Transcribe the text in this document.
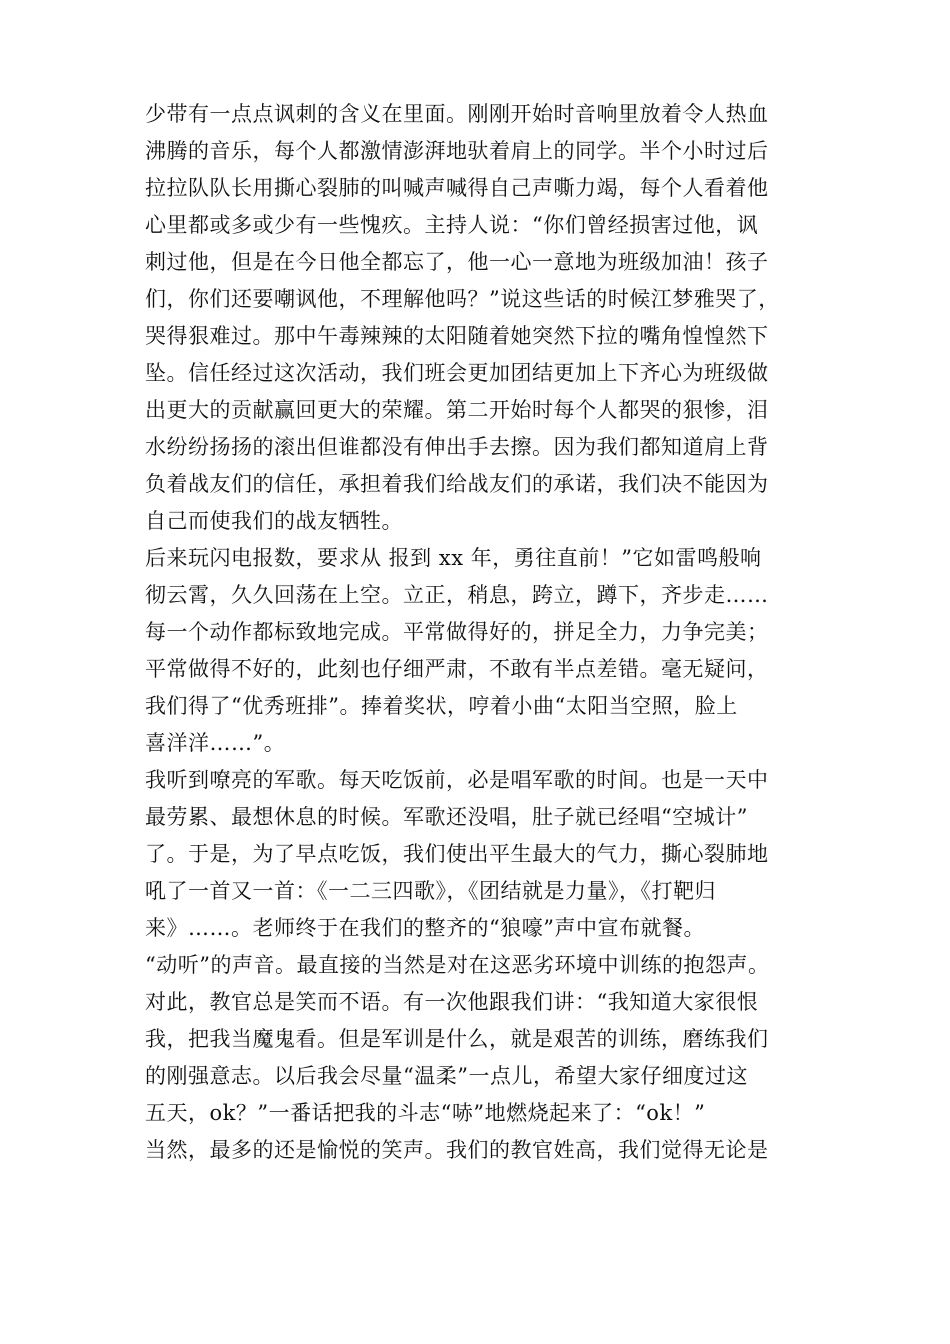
少带有一点点讽刺的含义在里面。刚刚开始时音响里放着令人热血
沸腾的音乐，每个人都激情澎湃地驮着肩上的同学。半个小时过后
拉拉队队长用撕心裂肺的叫喊声喊得自己声嘶力竭，每个人看着他
心里都或多或少有一些愧疚。主持人说：“你们曾经损害过他，讽
刺过他，但是在今日他全都忘了，他一心一意地为班级加油！孩子
们，你们还要嘲讽他，不理解他吗？”说这些话的时候江梦雅哭了，
哭得狠难过。那中午毒辣辣的太阳随着她突然下拉的嘴角惶惶然下
坠。信任经过这次活动，我们班会更加团结更加上下齐心为班级做
出更大的贡献赢回更大的荣耀。第二开始时每个人都哭的狠惨，泪
水纷纷扬扬的滚出但谁都没有伸出手去擦。因为我们都知道肩上背
负着战友们的信任，承担着我们给战友们的承诺，我们决不能因为
自己而使我们的战友牺牲。
后来玩闪电报数，要求从 报到 xx 年，勇往直前！”它如雷鸣般响
彻云霄，久久回荡在上空。立正，稍息，跨立，蹲下，齐步走……
每一个动作都标致地完成。平常做得好的，拼足全力，力争完美；
平常做得不好的，此刻也仔细严肃，不敢有半点差错。毫无疑问，
我们得了“优秀班排”。捧着奖状，哼着小曲“太阳当空照，脸上
喜洋洋……”。
我听到嘹亮的军歌。每天吃饭前，必是唱军歌的时间。也是一天中
最劳累、最想休息的时候。军歌还没唱，肚子就已经唱“空城计”
了。于是，为了早点吃饭，我们使出平生最大的气力，撕心裂肺地
吼了一首又一首：《一二三四歌》，《团结就是力量》，《打靶归
来》……。老师终于在我们的整齐的“狼嚎”声中宣布就餐。
“动听”的声音。最直接的当然是对在这恶劣环境中训练的抱怨声。
对此，教官总是笑而不语。有一次他跟我们讲：“我知道大家很恨
我，把我当魔鬼看。但是军训是什么，就是艰苦的训练，磨练我们
的刚强意志。以后我会尽量“温柔”一点儿，希望大家仔细度过这
五天，ok？”一番话把我的斗志“哧”地燃烧起来了：“ok！”
当然，最多的还是愉悦的笑声。我们的教官姓高，我们觉得无论是
